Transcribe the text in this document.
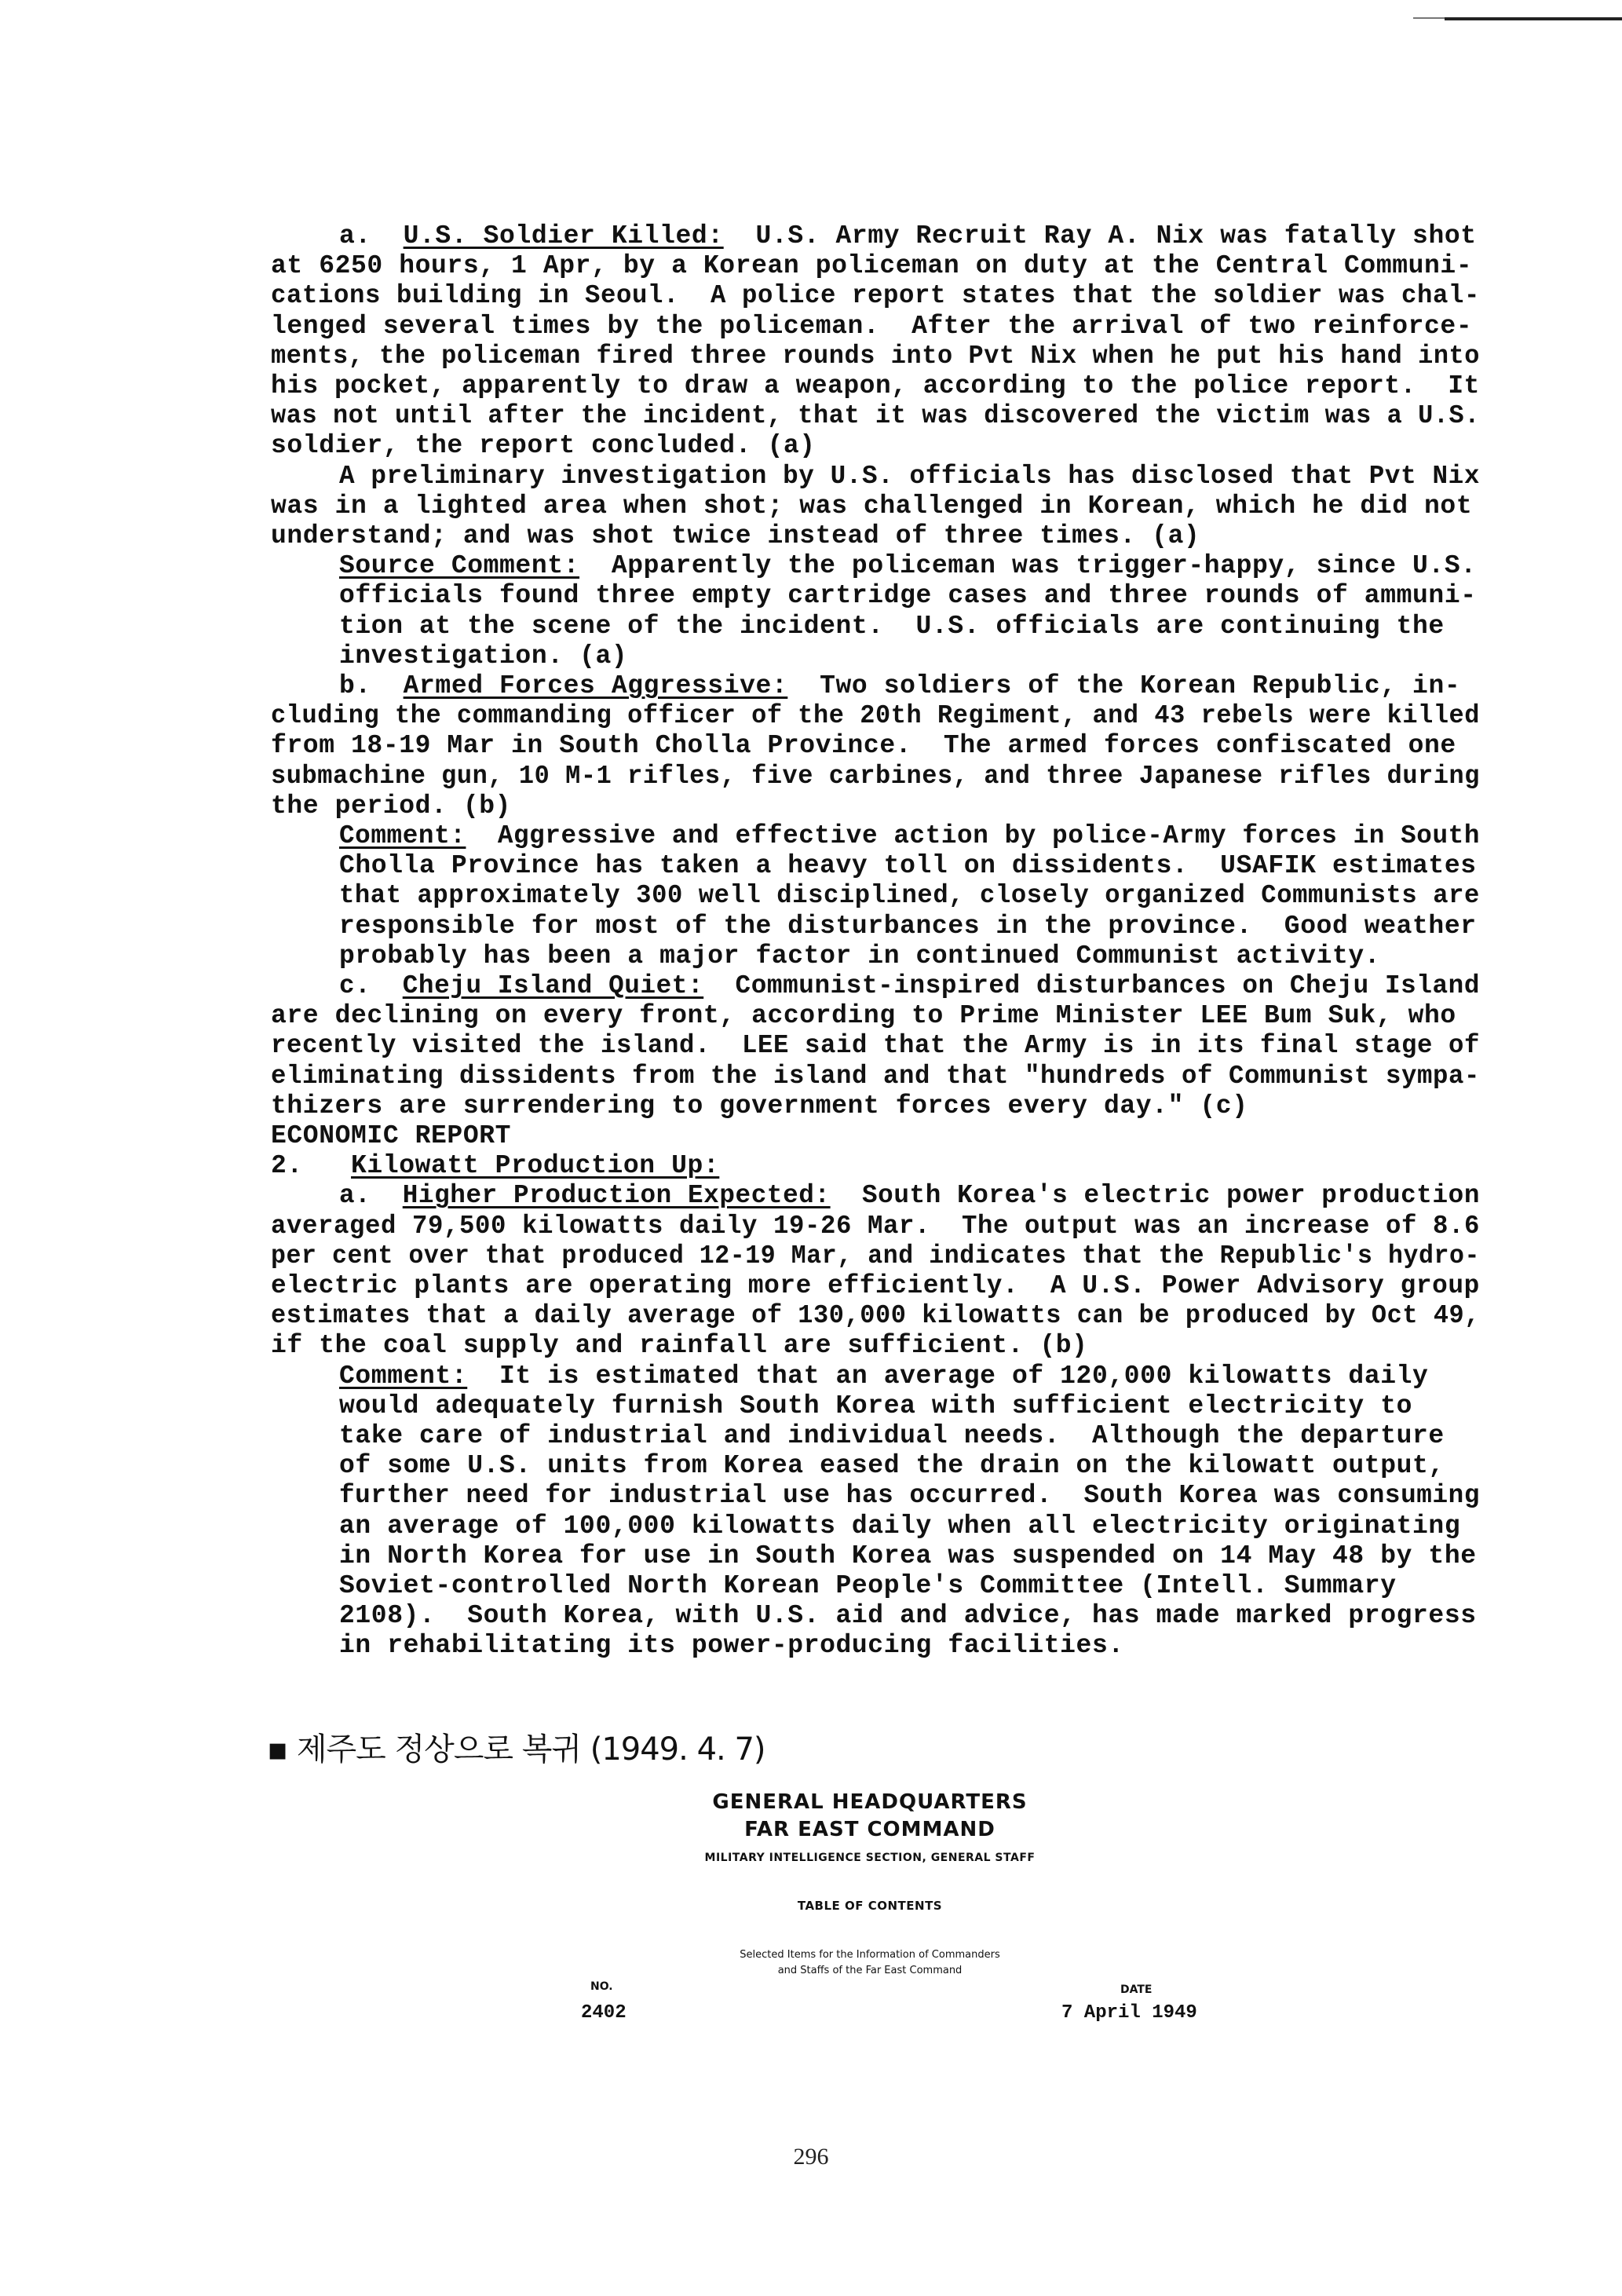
a.  U.S. Soldier Killed:  U.S. Army Recruit Ray A. Nix was fatally shot
at 6250 hours, 1 Apr, by a Korean policeman on duty at the Central Communi-
cations building in Seoul.  A police report states that the soldier was chal-
lenged several times by the policeman.  After the arrival of two reinforce-
ments, the policeman fired three rounds into Pvt Nix when he put his hand into
his pocket, apparently to draw a weapon, according to the police report.  It
was not until after the incident, that it was discovered the victim was a U.S.
soldier, the report concluded. (a)
A preliminary investigation by U.S. officials has disclosed that Pvt Nix
was in a lighted area when shot; was challenged in Korean, which he did not
understand; and was shot twice instead of three times. (a)
Source Comment:  Apparently the policeman was trigger-happy, since U.S.
officials found three empty cartridge cases and three rounds of ammuni-
tion at the scene of the incident.  U.S. officials are continuing the
investigation. (a)
b.  Armed Forces Aggressive:  Two soldiers of the Korean Republic, in-
cluding the commanding officer of the 20th Regiment, and 43 rebels were killed
from 18-19 Mar in South Cholla Province.  The armed forces confiscated one
submachine gun, 10 M-1 rifles, five carbines, and three Japanese rifles during
the period. (b)
Comment:  Aggressive and effective action by police-Army forces in South
Cholla Province has taken a heavy toll on dissidents.  USAFIK estimates
that approximately 300 well disciplined, closely organized Communists are
responsible for most of the disturbances in the province.  Good weather
probably has been a major factor in continued Communist activity.
c.  Cheju Island Quiet:  Communist-inspired disturbances on Cheju Island
are declining on every front, according to Prime Minister LEE Bum Suk, who
recently visited the island.  LEE said that the Army is in its final stage of
eliminating dissidents from the island and that "hundreds of Communist sympa-
thizers are surrendering to government forces every day." (c)
ECONOMIC REPORT
2.   Kilowatt Production Up:
a.  Higher Production Expected:  South Korea's electric power production
averaged 79,500 kilowatts daily 19-26 Mar.  The output was an increase of 8.6
per cent over that produced 12-19 Mar, and indicates that the Republic's hydro-
electric plants are operating more efficiently.  A U.S. Power Advisory group
estimates that a daily average of 130,000 kilowatts can be produced by Oct 49,
if the coal supply and rainfall are sufficient. (b)
Comment:  It is estimated that an average of 120,000 kilowatts daily
would adequately furnish South Korea with sufficient electricity to
take care of industrial and individual needs.  Although the departure
of some U.S. units from Korea eased the drain on the kilowatt output,
further need for industrial use has occurred.  South Korea was consuming
an average of 100,000 kilowatts daily when all electricity originating
in North Korea for use in South Korea was suspended on 14 May 48 by the
Soviet-controlled North Korean People's Committee (Intell. Summary
2108).  South Korea, with U.S. aid and advice, has made marked progress
in rehabilitating its power-producing facilities.
▪ 제주도 정상으로 복귀 (1949. 4. 7)
GENERAL HEADQUARTERS
FAR EAST COMMAND
MILITARY INTELLIGENCE SECTION, GENERAL STAFF
TABLE OF CONTENTS
Selected Items for the Information of Commanders
and Staffs of the Far East Command
NO.
2402
DATE
7 April 1949
296
